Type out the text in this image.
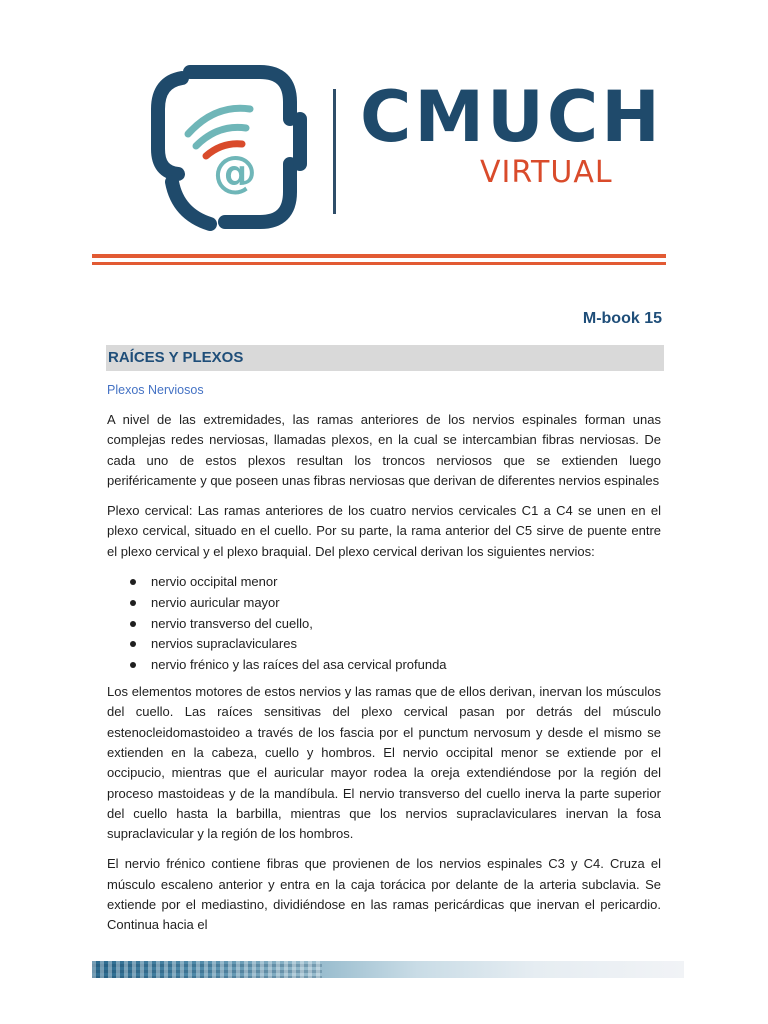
@
CMUCH
VIRTUAL
M-book 15
RAÍCES Y PLEXOS
Plexos Nerviosos

A nivel de las extremidades, las ramas anteriores de los nervios espinales forman unas complejas redes nerviosas, llamadas plexos, en la cual se intercambian fibras nerviosas. De cada uno de estos plexos resultan los troncos nerviosos que se extienden luego periféricamente y que poseen unas fibras nerviosas que derivan de diferentes nervios espinales

Plexo cervical: Las ramas anteriores de los cuatro nervios cervicales C1 a C4 se unen en el plexo cervical, situado en el cuello. Por su parte, la rama anterior del C5 sirve de puente entre el plexo cervical y el plexo braquial. Del plexo cervical derivan los siguientes nervios:

nervio occipital menor
nervio auricular mayor
nervio transverso del cuello,
nervios supraclaviculares
nervio frénico y las raíces del asa cervical profunda

Los elementos motores de estos nervios y las ramas que de ellos derivan, inervan los músculos del cuello. Las raíces sensitivas del plexo cervical pasan por detrás del músculo estenocleidomastoideo a través de los fascia por el punctum nervosum y desde el mismo se extienden en la cabeza, cuello y hombros. El nervio occipital menor se extiende por el occipucio, mientras que el auricular mayor rodea la oreja extendiéndose por la región del proceso mastoideas y de la mandíbula. El nervio transverso del cuello inerva la parte superior del cuello hasta la barbilla, mientras que los nervios supraclaviculares inervan la fosa supraclavicular y la región de los hombros.

El nervio frénico contiene fibras que provienen de los nervios espinales C3 y C4. Cruza el músculo escaleno anterior y entra en la caja torácica por delante de la arteria subclavia. Se extiende por el mediastino, dividiéndose en las ramas pericárdicas que inervan el pericardio. Continua hacia el
